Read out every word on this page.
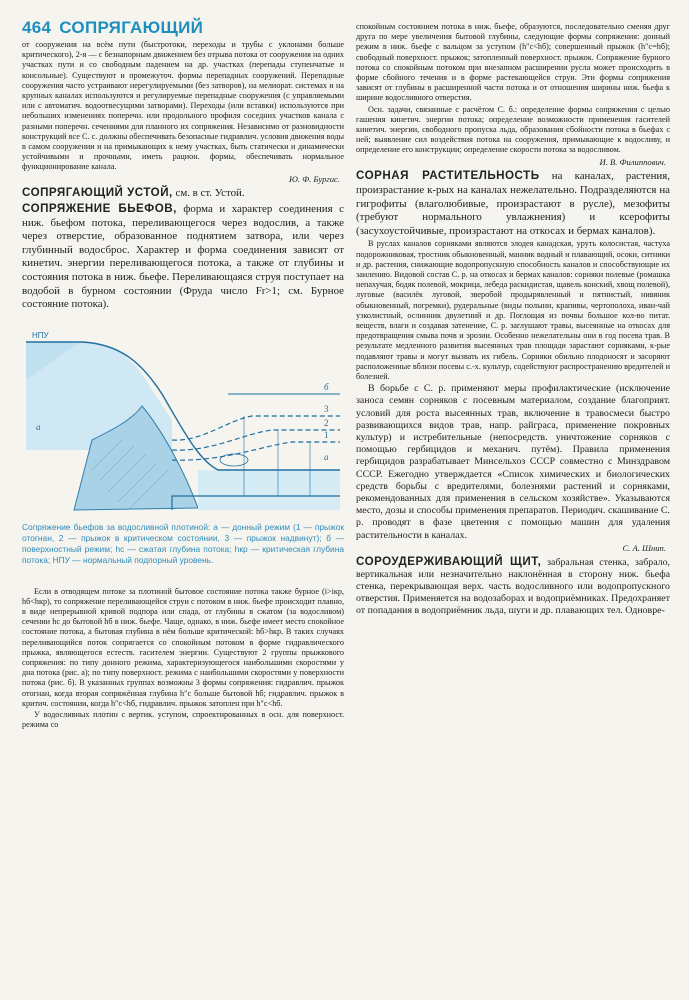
464 СОПРЯГАЮЩИЙ

от сооружения на всём пути (быстротоки, переходы и трубы с уклонами больше критического), 2-я — с безнапорным движением без отрыва потока от сооружения на одних участках пути и со свободным падением на др. участках (перепады ступенчатые и консольные). Существуют и промежуточ. формы перепадных сооружений. Перепадные сооружения часто устраивают нерегулируемыми (без затворов), на мелиорат. системах и на крупных каналах используются и регулируемые перепадные сооружения (с управляемыми или с автоматич. водоотвесущими затворами). Переходы (или вставки) используются при небольших изменениях поперечн. или продольного профиля соседних участков канала с разными поперечн. сечениями для планного их сопряжения. Независимо от разновидности конструкций все С. с. должны обеспечивать безопасные гидравлич. условия движения воды в самом сооружении и на примыкающих к нему участках, быть статически и динамически устойчивыми и прочными, иметь рацион. формы, обеспечивать нормальное функционирование канала.

Ю. Ф. Бургис.

СОПРЯГАЮЩИЙ УСТОЙ, см. в ст. Устой.

СОПРЯЖЕНИЕ БЬЕФОВ, форма и характер соединения с ниж. бьефом потока, переливающегося через водослив, а также через отверстие, образованное поднятием затвора, или через глубинный водосброс. Характер и форма соединения зависят от кинетич. энергии переливающегося потока, а также от глубины и состояния потока в ниж. бьефе. Переливающаяся струя поступает на водобой в бурном состоянии (Фруда число Fr>1; см. Бурное состояние потока).

НПУ
б
3
2
1
а
а
Сопряжение бьефов за водосливной плотиной: а — донный режим (1 — прыжок отогнан, 2 — прыжок в критическом состоянии, 3 — прыжок надвинут); б — поверхностный режим; hc — сжатая глубина потока; hкр — критическая глубина потока; НПУ — нормальный подпорный уровень.

Если в отводящем потоке за плотиной бытовое состояние потока также бурное (i>iкр, hб<hкр), то сопряжение переливающейся струи с потоком в ниж. бьефе происходит плавно, в виде непрерывной кривой подпора или спада, от глубины в сжатом (за водосливом) сечении hc до бытовой hб в ниж. бьефе. Чаще, однако, в ниж. бьефе имеет место спокойное состояние потока, а бытовая глубина в нём больше критической: hб>hкр. В таких случаях переливающийся поток сопрягается со спокойным потоком в форме гидравлического прыжка, являющегося естеств. гасителем энергии. Существуют 2 группы прыжкового сопряжения: по типу донного режима, характеризующегося наибольшими скоростями у дна потока (рис. а); по типу поверхност. режима с наибольшими скоростями у поверхности потока (рис. б). В указанных группах возможны 3 формы сопряжения: гидравлич. прыжок отогнан, когда вторая сопряжённая глубина h″c больше бытовой hб; гидравлич. прыжок в критич. состоянии, когда h″c<hб, гидравлич. прыжок затоплен при h″c<hб.

У водосливных плотин с вертик. уступом, спроектированных в осн. для поверхност. режима со

спокойным состоянием потока в ниж. бьефе, образуются, последовательно сменяя друг друга по мере увеличения бытовой глубины, следующие формы сопряжения: донный режим в ниж. бьефе с вальцом за уступом (h″c<hб); совершенный прыжок (h″c=hб); свободный поверхност. прыжок; затопленный поверхност. прыжок. Сопряжение бурного потока со спокойным потоком при внезапном расширении русла может происходить в форме сбойного течения и в форме растекающейся струи. Эти формы сопряжения зависят от глубины в расширенной части потока и от отношения ширины ниж. бьефа к ширине водосливного отверстия.

Осн. задачи, связанные с расчётом С. б.: определение формы сопряжения с целью гашения кинетич. энергии потока; определение возможности применения гасителей кинетич. энергии, свободного пропуска льда, образования сбойности потока в бьефах с ней; выявление сил воздействия потока на сооружения, примыкающие к водосливу, и определение его конструкции; определение скорости потока за водосливом.

И. В. Филиппович.

СОРНАЯ РАСТИТЕЛЬНОСТЬ на каналах, растения, произрастание к-рых на каналах нежелательно. Подразделяются на гигрофиты (влаголюбивые, произрастают в русле), мезофиты (требуют нормального увлажнения) и ксерофиты (засухоустойчивые, произрастают на откосах и бермах каналов).

В руслах каналов сорняками являются элодея канадская, уруть колосистая, частуха подорожниковая, тростник обыкновенный, манник водный и плавающий, осоки, ситники и др. растения, снижающие водопропускную способность каналов и способствующие их заилению. Видовой состав С. р. на откосах и бермах каналов: сорняки полевые (ромашка непахучая, бодяк полевой, мокрица, лебеда раскидистая, щавель конский, хвощ полевой), луговые (василёк луговой, зверобой продырявленный и пятнистый, нивяник обыкновенный, погремки), рудеральные (виды полыни, крапивы, чертополоха, иван-чай узколистный, ослинник двулетний и др. Поглощая из почвы большое кол-во питат. веществ, влаги и создавая затенение, С. р. заглушают травы, высеянные на откосах для предотвращения смыва почв и эрозии. Особенно нежелательны они в год посева трав. В результате медленного развития высеянных трав площади зарастают сорняками, к-рые подавляют травы и могут вызвать их гибель. Сорняки обильно плодоносят и засоряют расположенные вблизи посевы с.-х. культур, содействуют распространению вредителей и болезней.

В борьбе с С. р. применяют меры профилактические (исключение заноса семян сорняков с посевным материалом, создание благоприят. условий для роста высеянных трав, включение в травосмеси быстро развивающихся видов трав, напр. райграса, применение покровных культур) и истребительные (непосредств. уничтожение сорняков с помощью гербицидов и механич. путём). Правила применения гербицидов разрабатывает Минсельхоз СССР совместно с Минздравом СССР. Ежегодно утверждается «Список химических и биологических средств борьбы с вредителями, болезнями растений и сорняками, рекомендованных для применения в сельском хозяйстве». Указываются место, дозы и способы применения препаратов. Периодич. скашивание С. р. проводят в фазе цветения с помощью машин для удаления растительности в каналах.

С. А. Шнип.

СОРОУДЕРЖИВАЮЩИЙ ЩИТ, забральная стенка, забрало, вертикальная или незначительно наклонённая в сторону ниж. бьефа стенка, перекрывающая верх. часть водосливного или водопропускного отверстия. Применяется на водозаборах и водоприёмниках. Предохраняет от попадания в водоприёмник льда, шуги и др. плавающих тел. Одновре-
